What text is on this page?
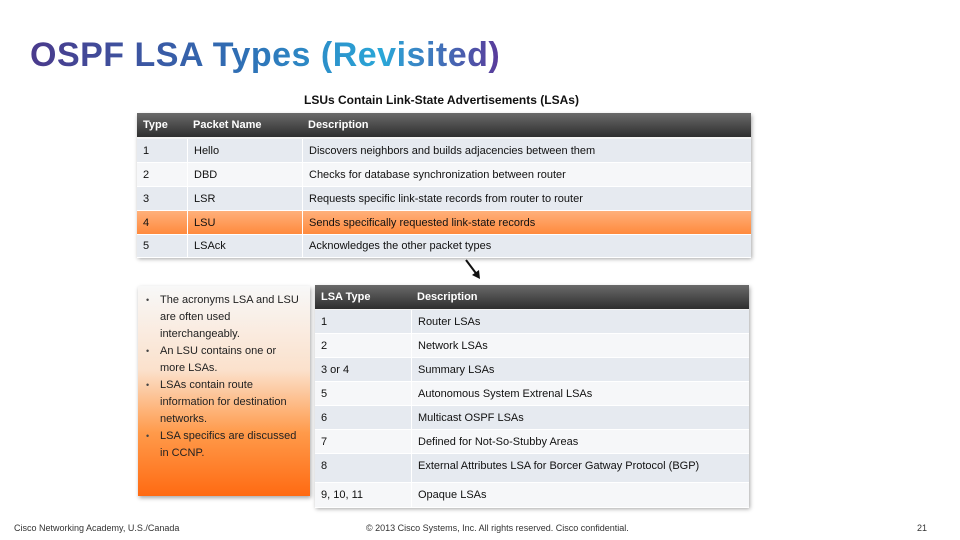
OSPF LSA Types (Revisited)
LSUs Contain Link-State Advertisements (LSAs)
Type	Packet Name	Description
1	Hello	Discovers neighbors and builds adjacencies between them
2	DBD	Checks for database synchronization between router
3	LSR	Requests specific link-state records from router to router
4	LSU	Sends specifically requested link-state records
5	LSAck	Acknowledges the other packet types
• The acronyms LSA and LSU are often used interchangeably.
• An LSU contains one or more LSAs.
• LSAs contain route information for destination networks.
• LSA specifics are discussed in CCNP.
LSA Type	Description
1	Router LSAs
2	Network LSAs
3 or 4	Summary LSAs
5	Autonomous System Extrenal LSAs
6	Multicast OSPF LSAs
7	Defined for Not-So-Stubby Areas
8	External Attributes LSA for Borcer Gatway Protocol (BGP)
9, 10, 11	Opaque LSAs
Cisco Networking Academy, U.S./Canada	© 2013 Cisco Systems, Inc. All rights reserved. Cisco confidential.	21
